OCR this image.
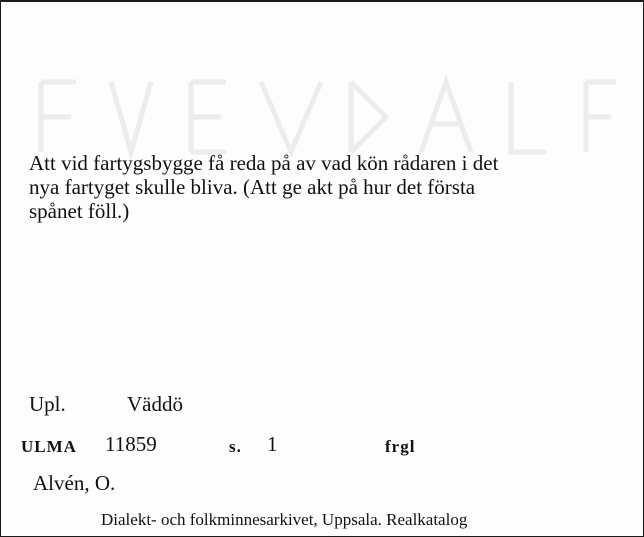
Att vid fartygsbygge få reda på av vad kön rådaren i det
nya fartyget skulle bliva. (Att ge akt på hur det första
spånet föll.)

Upl.	Väddö
ULMA 11859	s. 1	frgl
Alvén, O.
Dialekt- och folkminnesarkivet, Uppsala. Realkatalog
